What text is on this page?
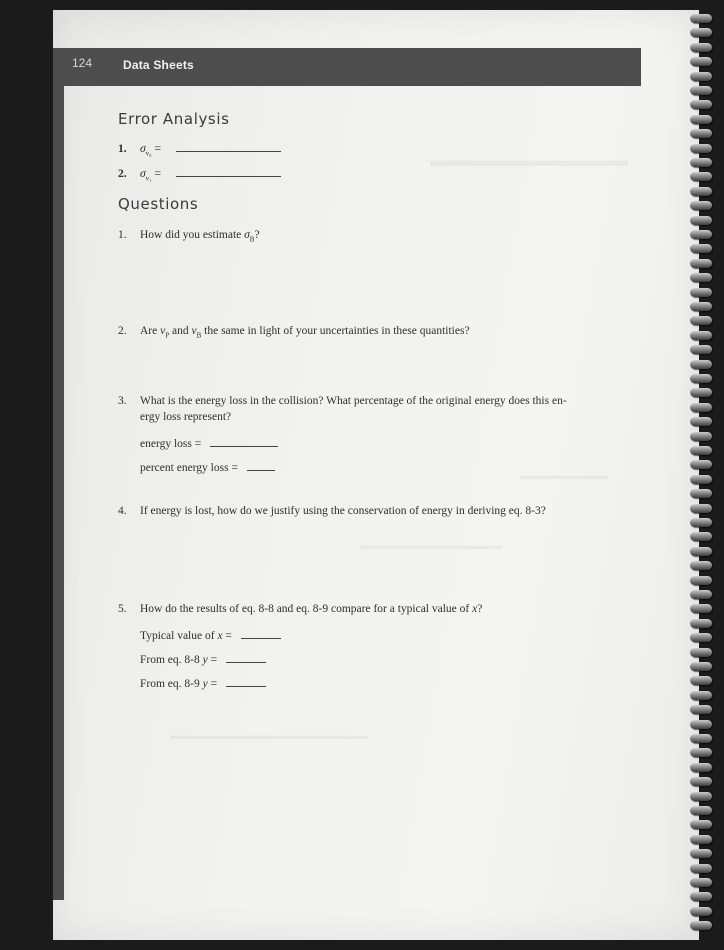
124	Data Sheets
Error Analysis
1. $\sigma_{v_0}$ =
2. $\sigma_{v_1}$ =
Questions
1. How did you estimate $\sigma_B$?
2. Are $v_P$ and $v_B$ the same in light of your uncertainties in these quantities?
3. What is the energy loss in the collision? What percentage of the original energy does this en-
ergy loss represent?
energy loss =
percent energy loss =
4. If energy is lost, how do we justify using the conservation of energy in deriving eq. 8-3?
5. How do the results of eq. 8-8 and eq. 8-9 compare for a typical value of x?
Typical value of x =
From eq. 8-8 y =
From eq. 8-9 y =
